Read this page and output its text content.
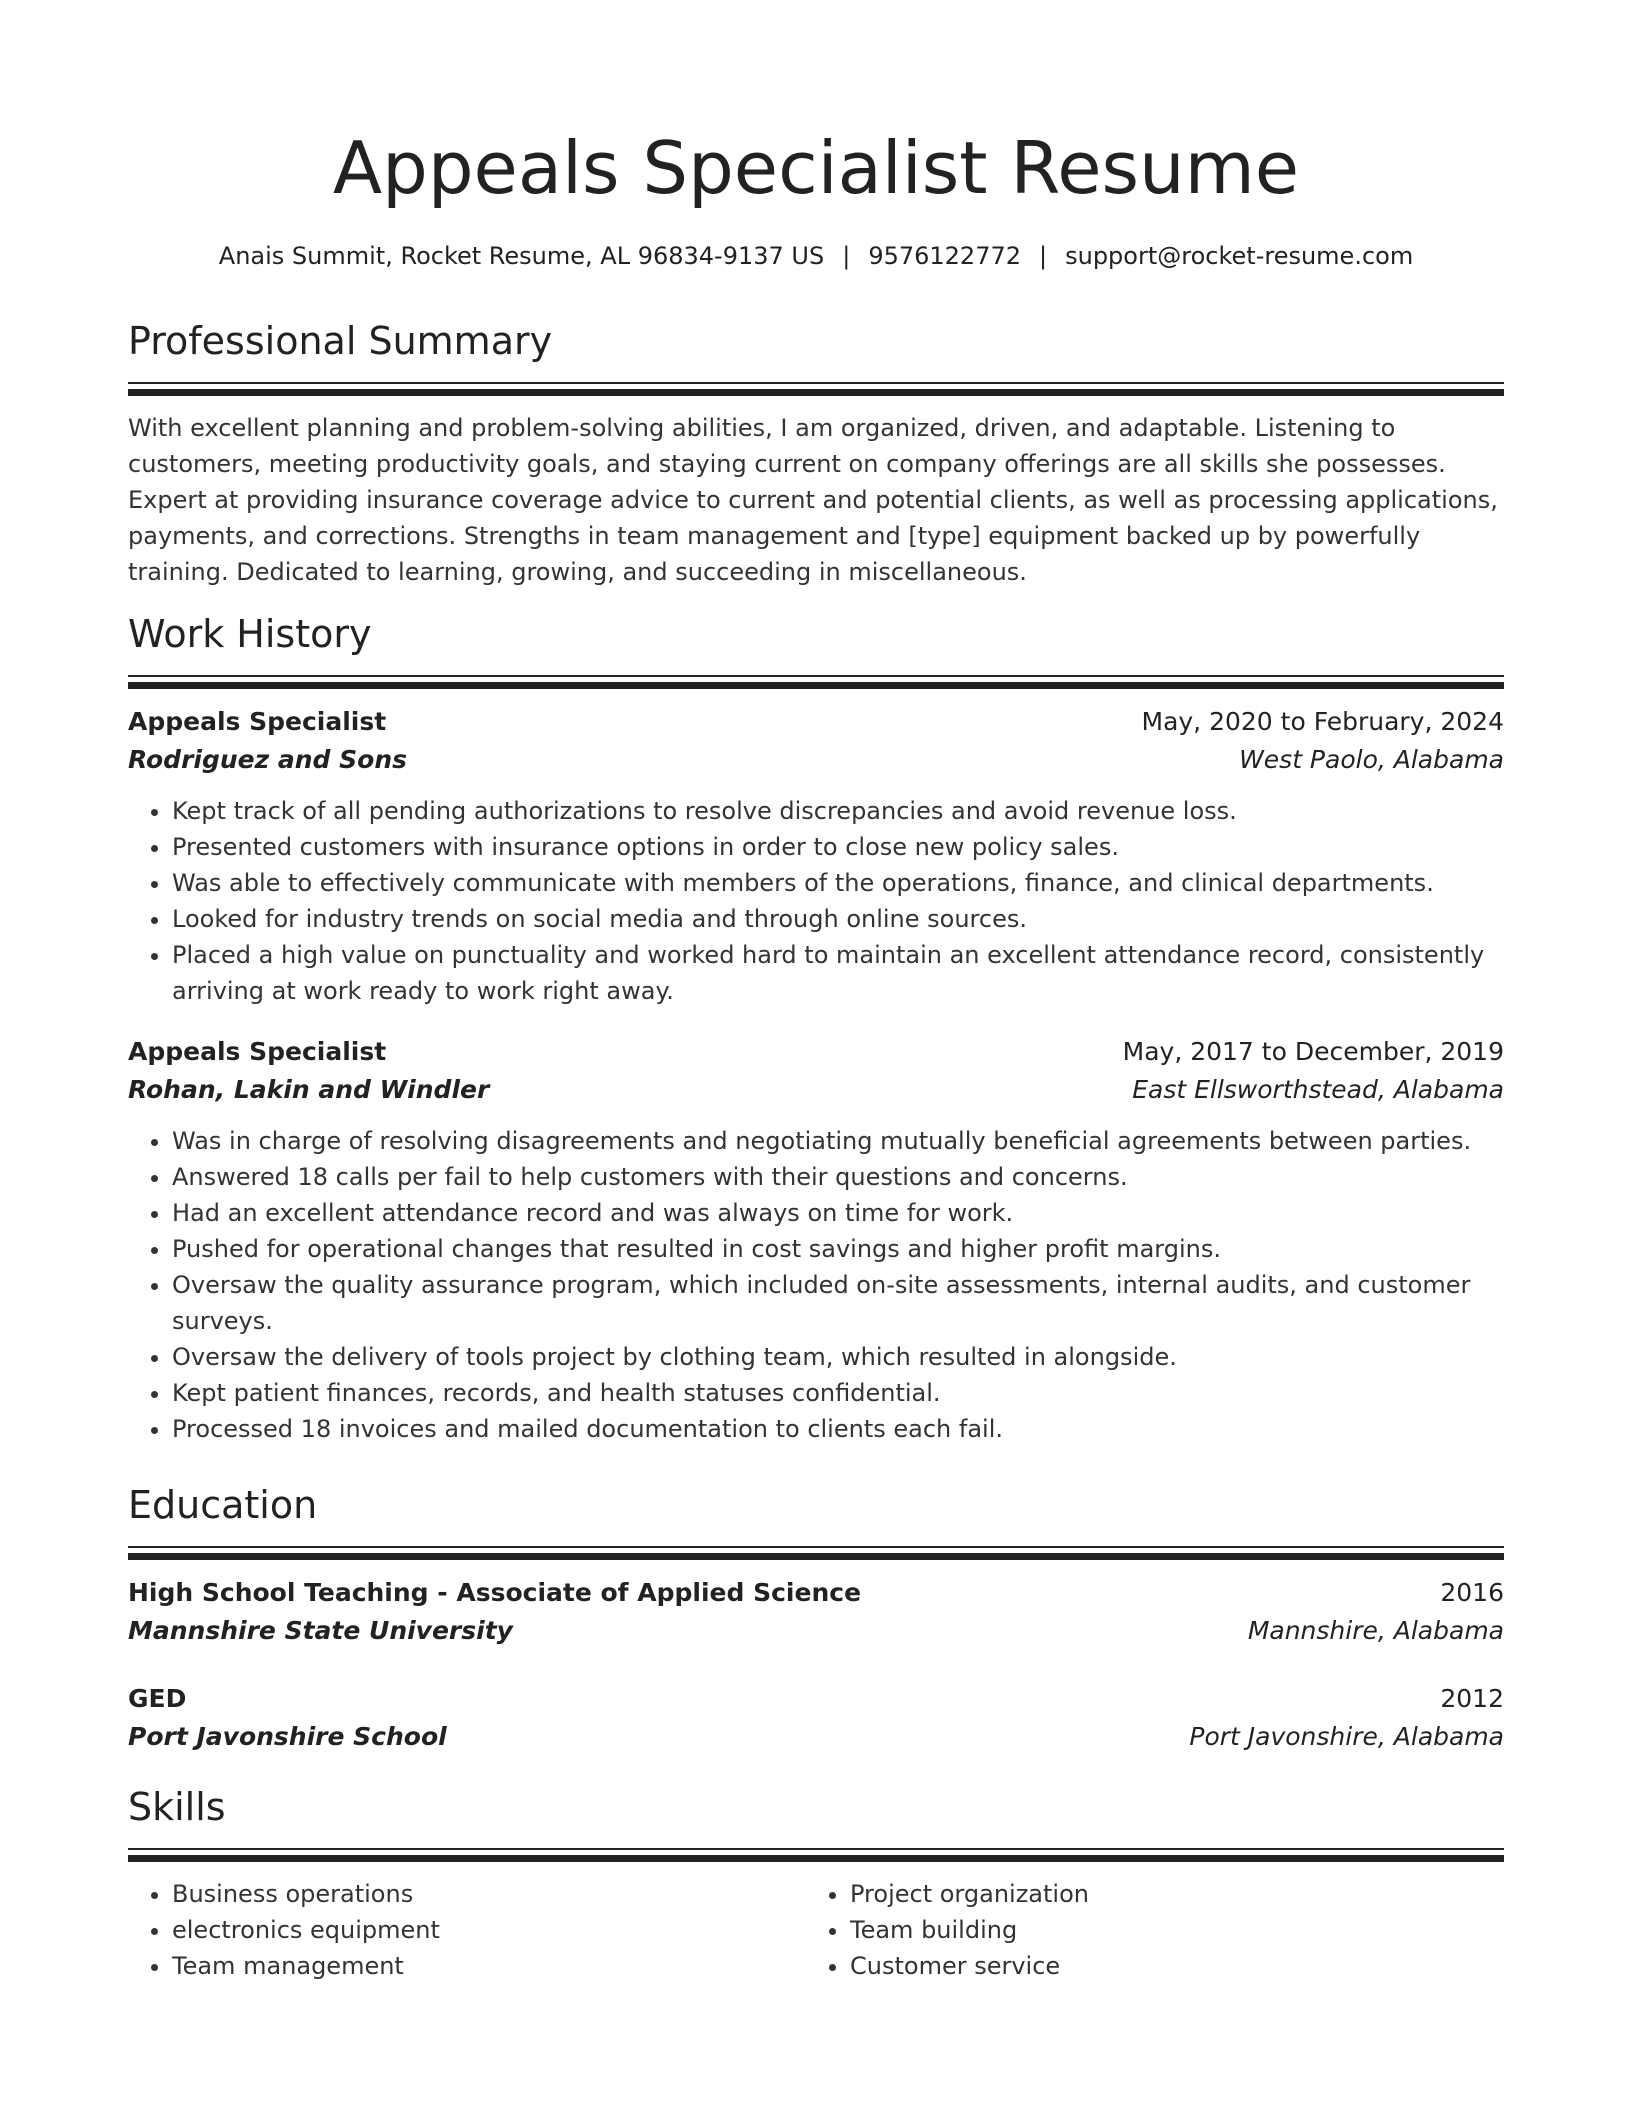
Appeals Specialist Resume
Anais Summit, Rocket Resume, AL 96834-9137 US | 9576122772 | support@rocket-resume.com
Professional Summary

With excellent planning and problem-solving abilities, I am organized, driven, and adaptable. Listening to customers, meeting productivity goals, and staying current on company offerings are all skills she possesses. Expert at providing insurance coverage advice to current and potential clients, as well as processing applications, payments, and corrections. Strengths in team management and [type] equipment backed up by powerfully training. Dedicated to learning, growing, and succeeding in miscellaneous.

Work History
Appeals Specialist	May, 2020 to February, 2024
Rodriguez and Sons	West Paolo, Alabama
• Kept track of all pending authorizations to resolve discrepancies and avoid revenue loss.
• Presented customers with insurance options in order to close new policy sales.
• Was able to effectively communicate with members of the operations, finance, and clinical departments.
• Looked for industry trends on social media and through online sources.
• Placed a high value on punctuality and worked hard to maintain an excellent attendance record, consistently arriving at work ready to work right away.
Appeals Specialist	May, 2017 to December, 2019
Rohan, Lakin and Windler	East Ellsworthstead, Alabama
• Was in charge of resolving disagreements and negotiating mutually beneficial agreements between parties.
• Answered 18 calls per fail to help customers with their questions and concerns.
• Had an excellent attendance record and was always on time for work.
• Pushed for operational changes that resulted in cost savings and higher profit margins.
• Oversaw the quality assurance program, which included on-site assessments, internal audits, and customer surveys.
• Oversaw the delivery of tools project by clothing team, which resulted in alongside.
• Kept patient finances, records, and health statuses confidential.
• Processed 18 invoices and mailed documentation to clients each fail.
Education
High School Teaching - Associate of Applied Science	2016
Mannshire State University	Mannshire, Alabama
GED	2012
Port Javonshire School	Port Javonshire, Alabama
Skills
• Business operations
• electronics equipment
• Team management
• Project organization
• Team building
• Customer service
